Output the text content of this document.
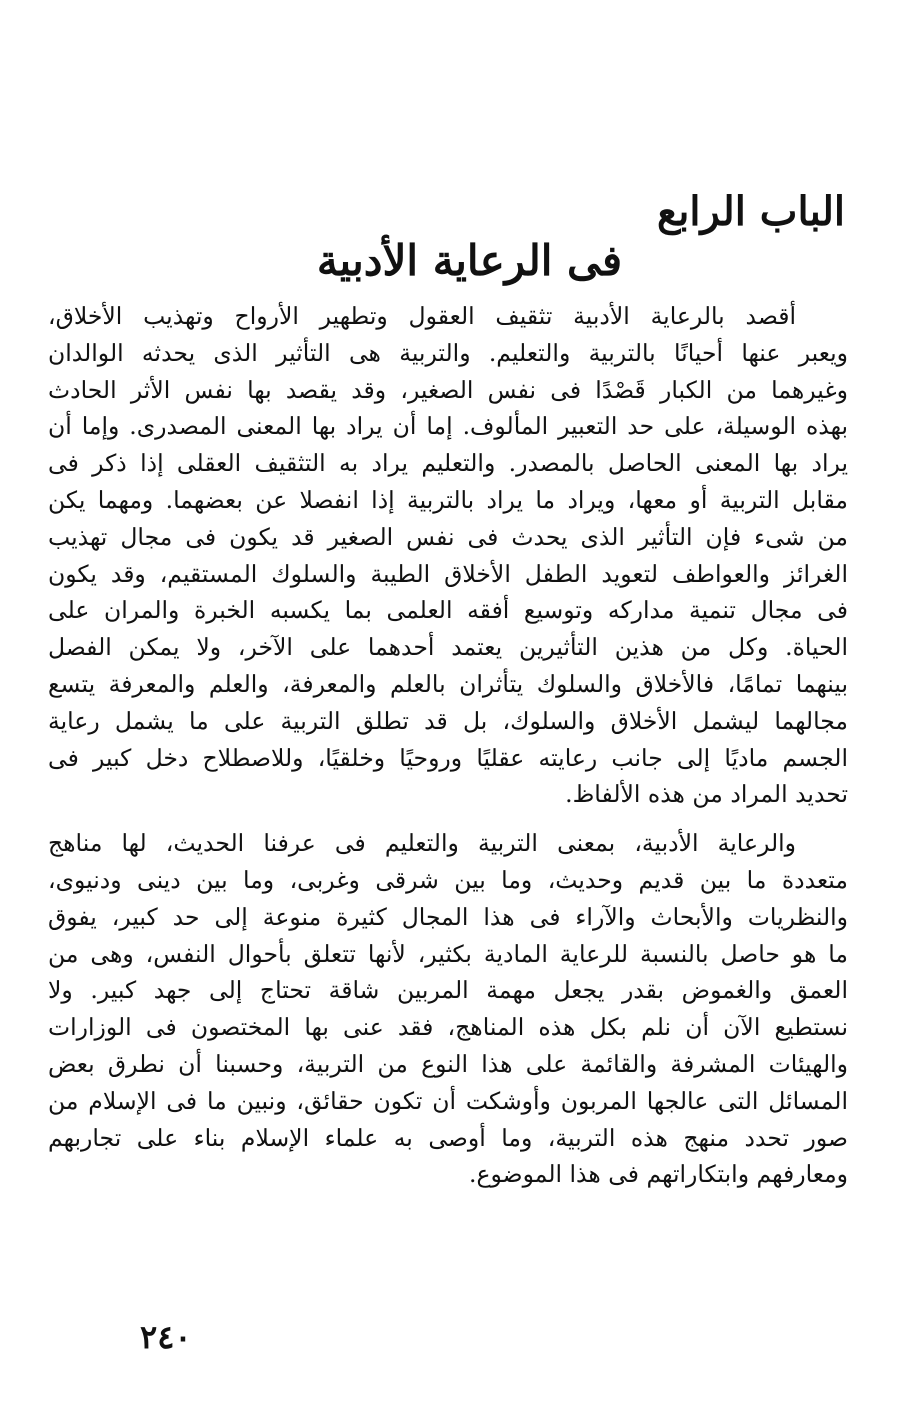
الباب الرابع
فى الرعاية الأدبية
أقصد بالرعاية الأدبية تثقيف العقول وتطهير الأرواح وتهذيب الأخلاق،
ويعبر عنها أحيانًا بالتربية والتعليم. والتربية هى التأثير الذى يحدثه الوالدان
وغيرهما من الكبار قَصْدًا فى نفس الصغير، وقد يقصد بها نفس الأثر الحادث
بهذه الوسيلة، على حد التعبير المألوف. إما أن يراد بها المعنى المصدرى. وإما أن
يراد بها المعنى الحاصل بالمصدر. والتعليم يراد به التثقيف العقلى إذا ذكر فى
مقابل التربية أو معها، ويراد ما يراد بالتربية إذا انفصلا عن بعضهما. ومهما يكن
من شىء فإن التأثير الذى يحدث فى نفس الصغير قد يكون فى مجال تهذيب
الغرائز والعواطف لتعويد الطفل الأخلاق الطيبة والسلوك المستقيم، وقد يكون
فى مجال تنمية مداركه وتوسيع أفقه العلمى بما يكسبه الخبرة والمران على
الحياة. وكل من هذين التأثيرين يعتمد أحدهما على الآخر، ولا يمكن الفصل
بينهما تمامًا، فالأخلاق والسلوك يتأثران بالعلم والمعرفة، والعلم والمعرفة يتسع
مجالهما ليشمل الأخلاق والسلوك، بل قد تطلق التربية على ما يشمل رعاية
الجسم ماديًا إلى جانب رعايته عقليًا وروحيًا وخلقيًا، وللاصطلاح دخل كبير فى
تحديد المراد من هذه الألفاظ.
والرعاية الأدبية، بمعنى التربية والتعليم فى عرفنا الحديث، لها مناهج
متعددة ما بين قديم وحديث، وما بين شرقى وغربى، وما بين دينى ودنيوى،
والنظريات والأبحاث والآراء فى هذا المجال كثيرة منوعة إلى حد كبير، يفوق
ما هو حاصل بالنسبة للرعاية المادية بكثير، لأنها تتعلق بأحوال النفس، وهى من
العمق والغموض بقدر يجعل مهمة المربين شاقة تحتاج إلى جهد كبير. ولا
نستطيع الآن أن نلم بكل هذه المناهج، فقد عنى بها المختصون فى الوزارات
والهيئات المشرفة والقائمة على هذا النوع من التربية، وحسبنا أن نطرق بعض
المسائل التى عالجها المربون وأوشكت أن تكون حقائق، ونبين ما فى الإسلام من
صور تحدد منهج هذه التربية، وما أوصى به علماء الإسلام بناء على تجاربهم
ومعارفهم وابتكاراتهم فى هذا الموضوع.
٢٤٠
